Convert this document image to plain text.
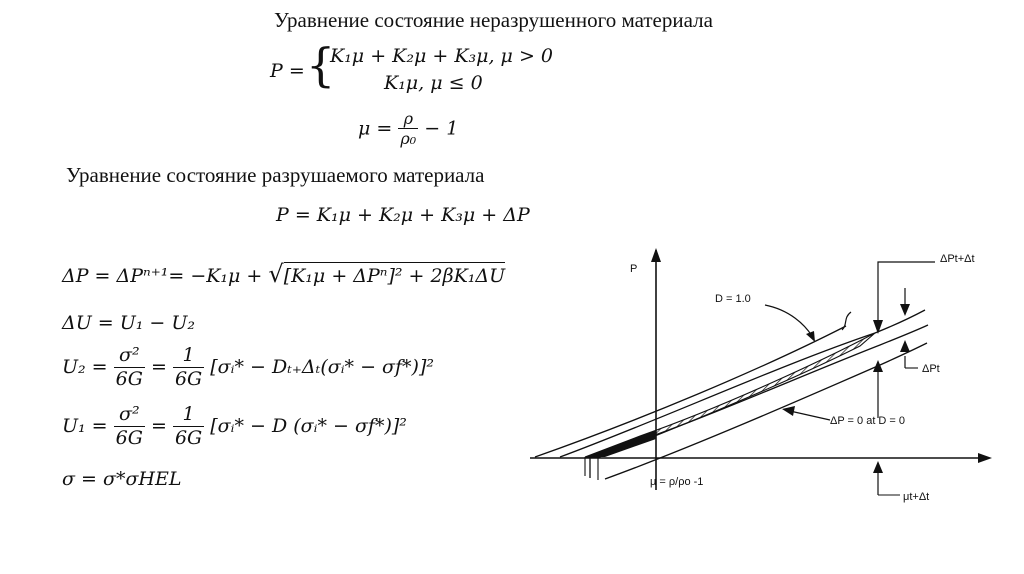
Уравнение состояние неразрушенного материала
Уравнение состояние разрушаемого материала
P = {
K₁μ + K₂μ + K₃μ, μ > 0
K₁μ, μ ≤ 0
$\mu = \frac{\rho}{\text{ρ₀}} - 1$
P = K₁μ + K₂μ + K₃μ + ΔP
ΔP = ΔPⁿ⁺¹= −K₁μ + √[K₁μ + ΔPⁿ]² + 2βK₁ΔU
ΔU = U₁ − U₂
$U_2 = \frac{\text{σ²}}{6G} = \frac{1}{6G}$ [σᵢ* − Dₜ₊Δₜ(σᵢ* − σf*)]²
$U_1 = \frac{\text{σ²}}{6G} = \frac{1}{6G}$ [σᵢ* − D (σᵢ* − σf*)]²
σ = σ*σHEL
P
D = 1.0
ΔPt+Δt
ΔPt
ΔP = 0 at D = 0
μ = ρ/ρo -1
μt+Δt
